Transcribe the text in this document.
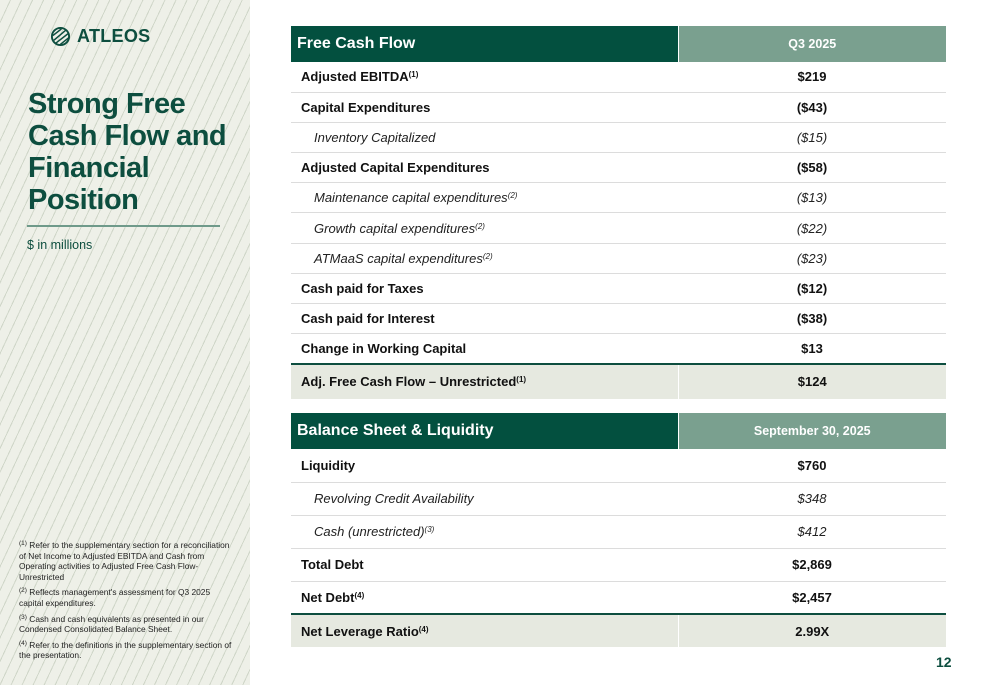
ATLEOS
Strong Free Cash Flow and Financial Position
$ in millions

$^{(1)}$ Refer to the supplementary section for a reconciliation of Net Income to Adjusted EBITDA and Cash from Operating activities to Adjusted Free Cash Flow-Unrestricted

$^{(2)}$ Reflects management's assessment for Q3 2025 capital expenditures.

$^{(3)}$ Cash and cash equivalents as presented in our Condensed Consolidated Balance Sheet.

$^{(4)}$ Refer to the definitions in the supplementary section of the presentation.

Free Cash Flow	Q3 2025
Adjusted EBITDA$^{(1)}$	$219
Capital Expenditures	($43)
Inventory Capitalized	($15)
Adjusted Capital Expenditures	($58)
Maintenance capital expenditures$^{(2)}$	($13)
Growth capital expenditures$^{(2)}$	($22)
ATMaaS capital expenditures$^{(2)}$	($23)
Cash paid for Taxes	($12)
Cash paid for Interest	($38)
Change in Working Capital	$13
Adj. Free Cash Flow – Unrestricted$^{(1)}$	$124
Balance Sheet & Liquidity	September 30, 2025
Liquidity	$760
Revolving Credit Availability	$348
Cash (unrestricted)$^{(3)}$	$412
Total Debt	$2,869
Net Debt$^{(4)}$	$2,457
Net Leverage Ratio$^{(4)}$	2.99X
12
